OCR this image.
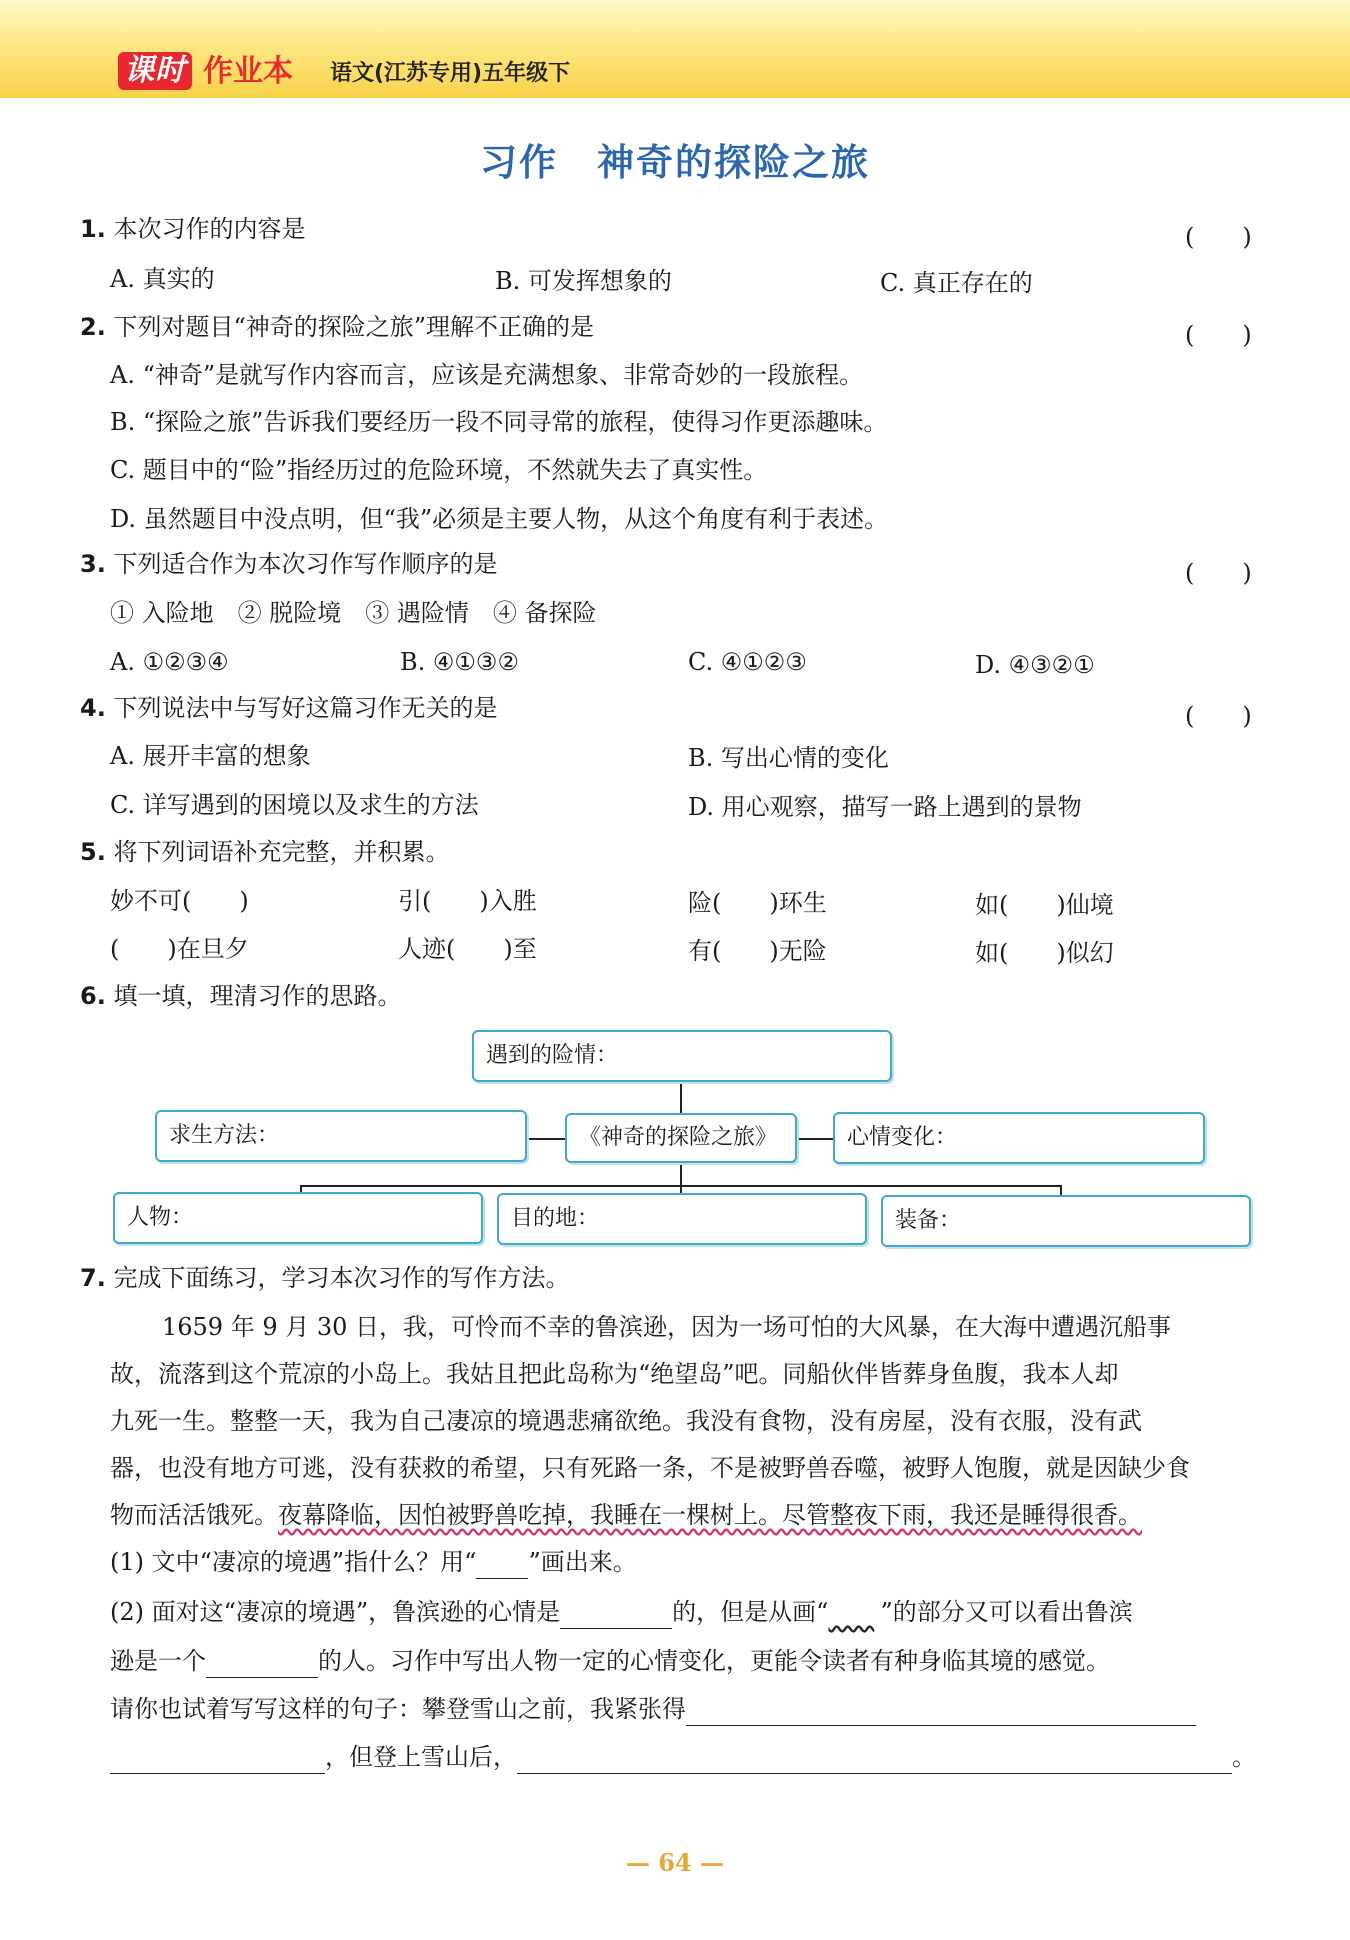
课时 作业本 语文(江苏专用)五年级下
习作　神奇的探险之旅
1. 本次习作的内容是	(　　)
A. 真实的	B. 可发挥想象的	C. 真正存在的
2. 下列对题目“神奇的探险之旅”理解不正确的是	(　　)
A. “神奇”是就写作内容而言，应该是充满想象、非常奇妙的一段旅程。
B. “探险之旅”告诉我们要经历一段不同寻常的旅程，使得习作更添趣味。
C. 题目中的“险”指经历过的危险环境，不然就失去了真实性。
D. 虽然题目中没点明，但“我”必须是主要人物，从这个角度有利于表述。
3. 下列适合作为本次习作写作顺序的是	(　　)
① 入险地　② 脱险境　③ 遇险情　④ 备探险
A. ①②③④	B. ④①③②	C. ④①②③	D. ④③②①
4. 下列说法中与写好这篇习作无关的是	(　　)
A. 展开丰富的想象	B. 写出心情的变化
C. 详写遇到的困境以及求生的方法	D. 用心观察，描写一路上遇到的景物
5. 将下列词语补充完整，并积累。
妙不可(　　)	引(　　)入胜	险(　　)环生	如(　　)仙境
(　　)在旦夕	人迹(　　)至	有(　　)无险	如(　　)似幻
6. 填一填，理清习作的思路。
遇到的险情：
求生方法：	《神奇的探险之旅》	心情变化：
人物：	目的地：	装备：
7. 完成下面练习，学习本次习作的写作方法。
1659 年 9 月 30 日，我，可怜而不幸的鲁滨逊，因为一场可怕的大风暴，在大海中遭遇沉船事
故，流落到这个荒凉的小岛上。我姑且把此岛称为“绝望岛”吧。同船伙伴皆葬身鱼腹，我本人却
九死一生。整整一天，我为自己凄凉的境遇悲痛欲绝。我没有食物，没有房屋，没有衣服，没有武
器，也没有地方可逃，没有获救的希望，只有死路一条，不是被野兽吞噬，被野人饱腹，就是因缺少食
物而活活饿死。夜幕降临，因怕被野兽吃掉，我睡在一棵树上。尽管整夜下雨，我还是睡得很香。
(1) 文中“凄凉的境遇”指什么？用“ ”画出来。
(2) 面对这“凄凉的境遇”，鲁滨逊的心情是	的，但是从画“ ”的部分又可以看出鲁滨
逊是一个	的人。习作中写出人物一定的心情变化，更能令读者有种身临其境的感觉。
请你也试着写写这样的句子：攀登雪山之前，我紧张得
，但登上雪山后，	。
— 64 —
